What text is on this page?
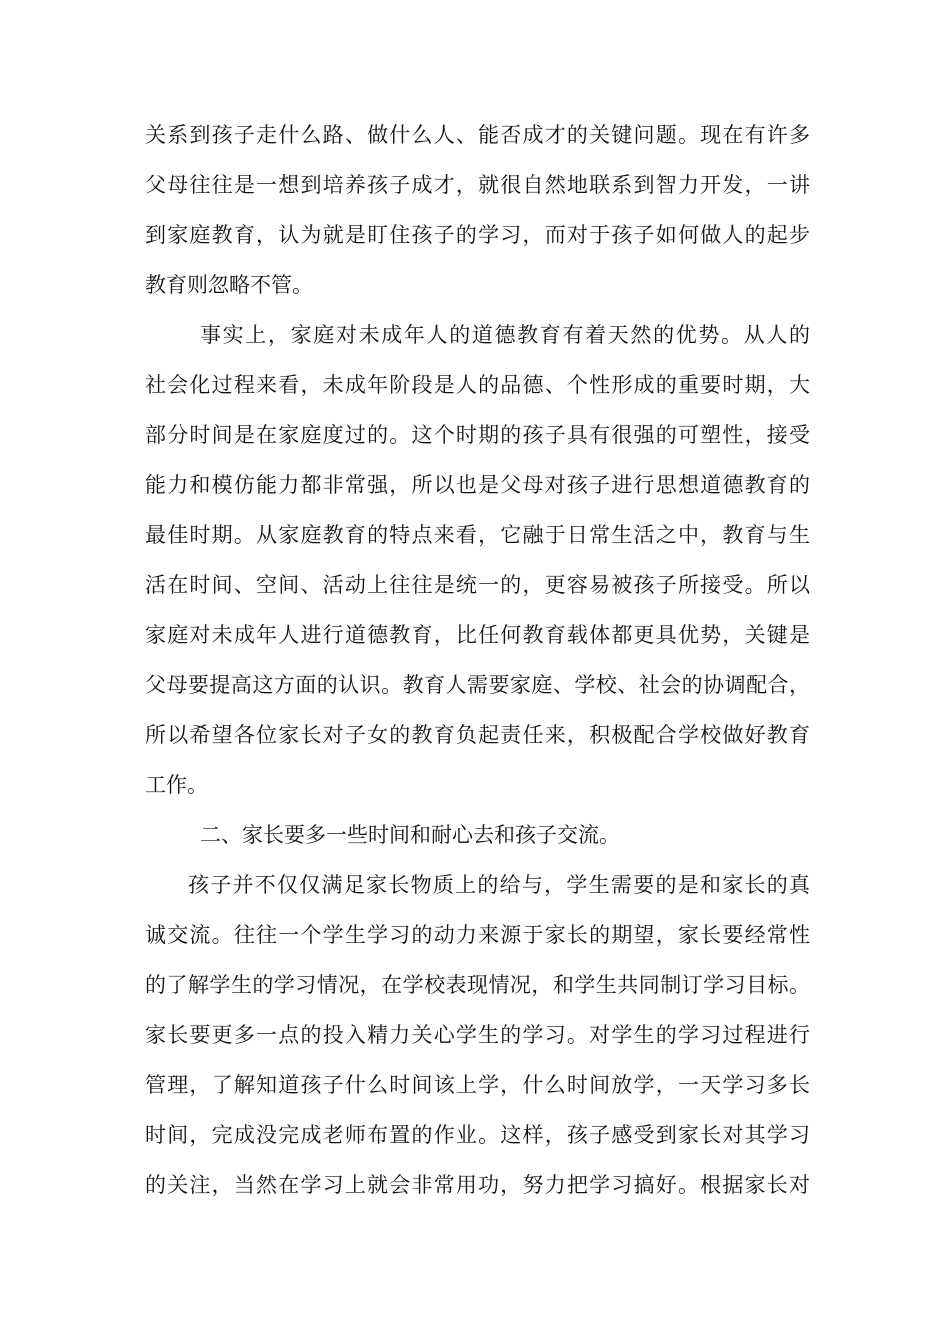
关系到孩子走什么路、做什么人、能否成才的关键问题。现在有许多
父母往往是一想到培养孩子成才，就很自然地联系到智力开发，一讲
到家庭教育，认为就是盯住孩子的学习，而对于孩子如何做人的起步
教育则忽略不管。
事实上，家庭对未成年人的道德教育有着天然的优势。从人的
社会化过程来看，未成年阶段是人的品德、个性形成的重要时期，大
部分时间是在家庭度过的。这个时期的孩子具有很强的可塑性，接受
能力和模仿能力都非常强，所以也是父母对孩子进行思想道德教育的
最佳时期。从家庭教育的特点来看，它融于日常生活之中，教育与生
活在时间、空间、活动上往往是统一的，更容易被孩子所接受。所以
家庭对未成年人进行道德教育，比任何教育载体都更具优势，关键是
父母要提高这方面的认识。教育人需要家庭、学校、社会的协调配合，
所以希望各位家长对子女的教育负起责任来，积极配合学校做好教育
工作。
二、家长要多一些时间和耐心去和孩子交流。
孩子并不仅仅满足家长物质上的给与，学生需要的是和家长的真
诚交流。往往一个学生学习的动力来源于家长的期望，家长要经常性
的了解学生的学习情况，在学校表现情况，和学生共同制订学习目标。
家长要更多一点的投入精力关心学生的学习。对学生的学习过程进行
管理，了解知道孩子什么时间该上学，什么时间放学，一天学习多长
时间，完成没完成老师布置的作业。这样，孩子感受到家长对其学习
的关注，当然在学习上就会非常用功，努力把学习搞好。根据家长对
